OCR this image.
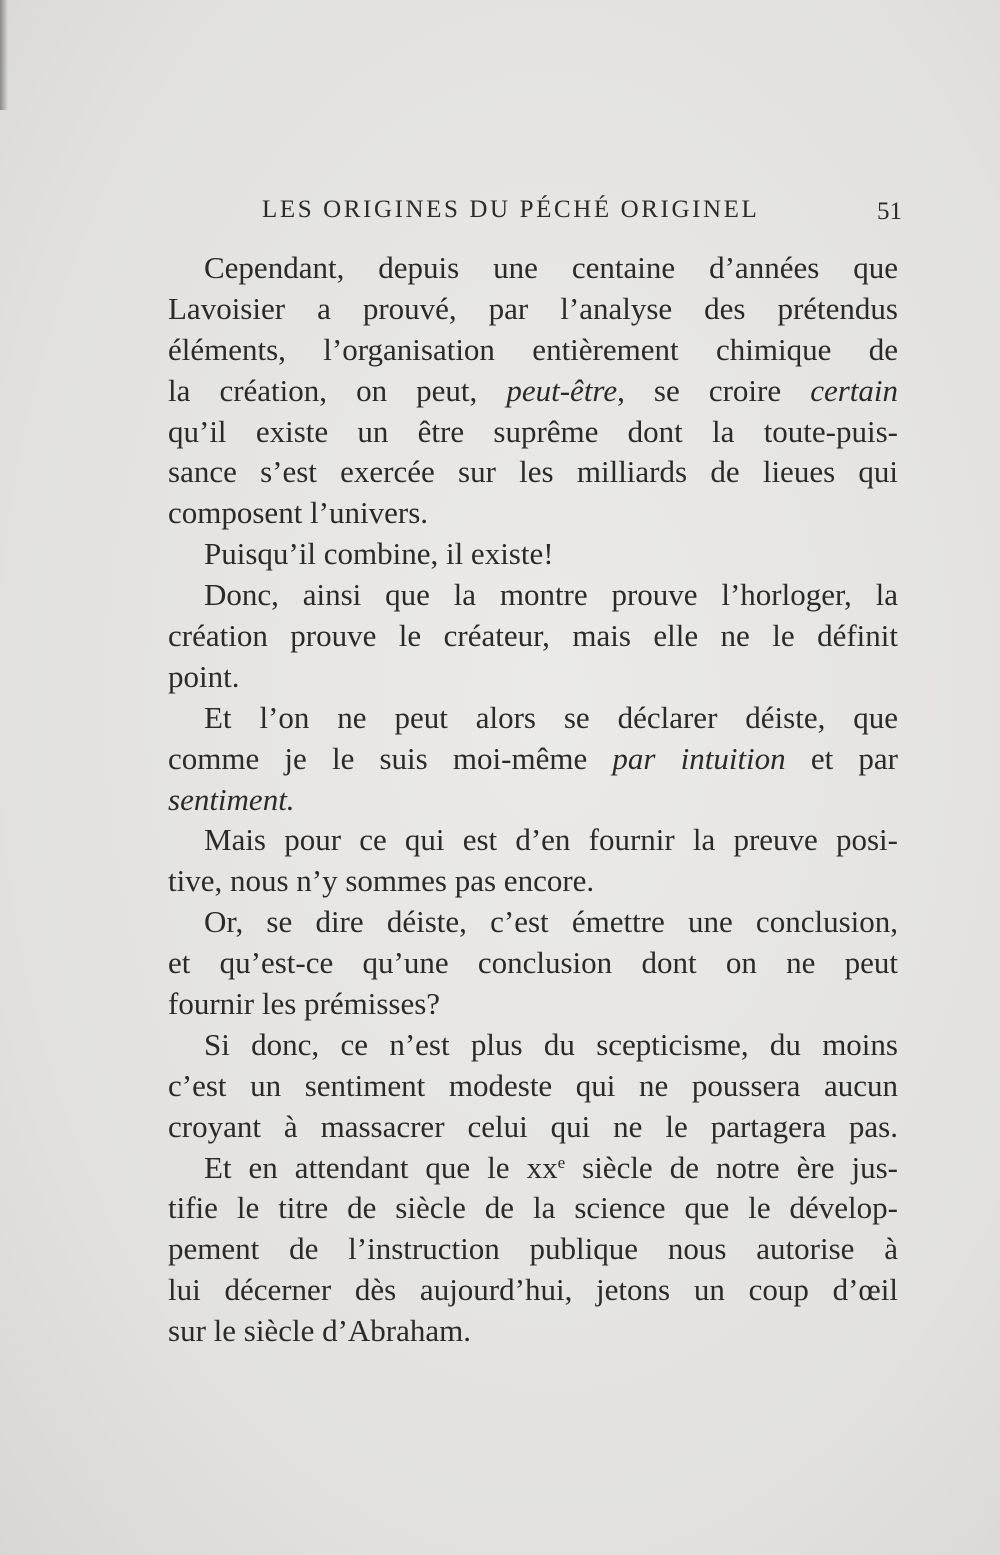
LES ORIGINES DU PÉCHÉ ORIGINEL	51
Cependant, depuis une centaine d’années que
Lavoisier a prouvé, par l’analyse des prétendus
éléments, l’organisation entièrement chimique de
la création, on peut, peut-être, se croire certain
qu’il existe un être suprême dont la toute-puis-
sance s’est exercée sur les milliards de lieues qui
composent l’univers.
Puisqu’il combine, il existe!
Donc, ainsi que la montre prouve l’horloger, la
création prouve le créateur, mais elle ne le définit
point.
Et l’on ne peut alors se déclarer déiste, que
comme je le suis moi-même par intuition et par
sentiment.
Mais pour ce qui est d’en fournir la preuve posi-
tive, nous n’y sommes pas encore.
Or, se dire déiste, c’est émettre une conclusion,
et qu’est-ce qu’une conclusion dont on ne peut
fournir les prémisses?
Si donc, ce n’est plus du scepticisme, du moins
c’est un sentiment modeste qui ne poussera aucun
croyant à massacrer celui qui ne le partagera pas.
Et en attendant que le $xx^e$ siècle de notre ère jus-
tifie le titre de siècle de la science que le dévelop-
pement de l’instruction publique nous autorise à
lui décerner dès aujourd’hui, jetons un coup d’œil
sur le siècle d’Abraham.
